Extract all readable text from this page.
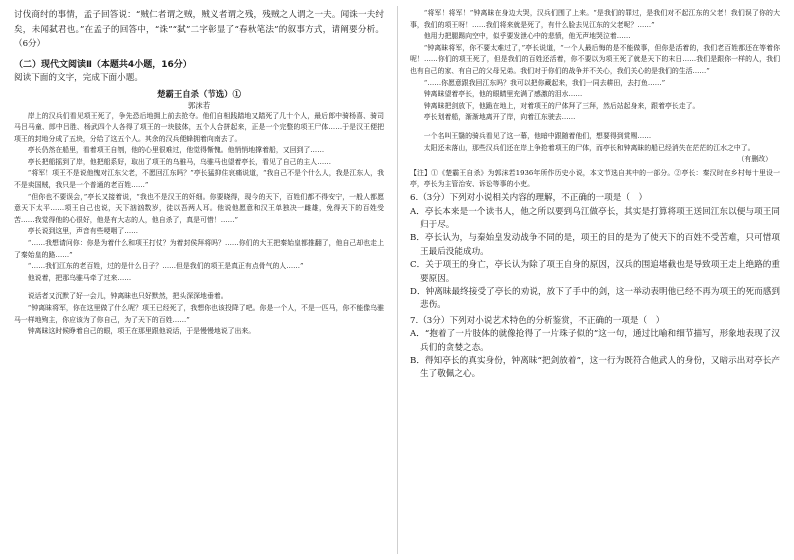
讨伐商纣的事情，孟子回答说：“贼仁者谓之贼，贼义者谓之残，残贼之人谓之一夫。闻诛一夫纣矣，未闻弑君也。”在孟子的回答中，“诛”“弑”二字彰显了“春秋笔法”的叙事方式，请阐要分析。（6分）

（二）现代文阅读Ⅱ（本题共4小题，16分）

阅读下面的文字，完成下面小题。

楚霸王自杀（节选）①

郭沫若

岸上的汉兵们看见项王死了，争先恐后地拥上前去抢夺。他们自相践踏地又踏死了几十个人，最后郎中骑杨喜、骑司马吕马童、郎中吕胜、杨武四个人各得了项王的一块肢体，五个人合拼起来，正是一个完整的项王尸体……于是汉王便把项王的封地分成了五块，分给了这五个人。其余的汉兵便蜂拥着向南去了。

亭长仍然在船里，看着项王自刎，他的心里很难过，他觉得惭愧。他悄悄地撑着船，又回到了……

亭长把船摇到了岸，他把船系好，取出了项王的乌骓马，乌骓马也望着亭长，看见了自己的主人……

“将军！项王不是说他愧对江东父老，不愿回江东吗？”亭长猛抑住哀痛说道，“我自己不是个什么人，我是江东人，我不是卖国贼，我只是一个普通的老百姓……”

“但你也不要误会，”亭长又接着说，“我也不是汉王的奸细。你要晓得，现今的天下，百姓们都不得安宁，一般人都愿意天下太平……项王自己也说，天下汹汹数岁，徒以吾两人耳。他说他愿意和汉王单独决一雌雄，免得天下的百姓受苦……我觉得他的心很好，他是有大志的人，他自杀了，真是可惜！……”

亭长说到这里，声音有些哽咽了……

“……我想请问你：你是为着什么和项王打仗？为着封侯拜将吗？……你们的大王把秦始皇都推翻了，他自己却也走上了秦始皇的路……”

“……我们江东的老百姓，过的是什么日子？……但是我们的项王是真正有点骨气的人……”

他说着，把那乌骓马牵了过来……

说话者又沉默了好一会儿，钟离昧也只好默然，把头深深地垂着。

“钟离昧将军，你在这里做了什么呢？项王已经死了，我想你也该投降了吧。你是一个人，不是一匹马，你不能像乌骓马一样地殉主，你应该为了你自己，为了天下的百姓……”

钟离昧这时候睁着自己的眼，项王在那里跟他说话，于是慢慢地说了出来。

“将军！将军！”钟离昧在身边大哭，汉兵们围了上来。“是我们的罪过，是我们对不起江东的父老！我们误了你的大事，我们的项王呀！……我们将来就是死了，有什么脸去见江东的父老呢？……”

他用力把腿踢向空中，似乎要发泄心中的悲愤，他无声地哭泣着……

“钟离昧将军，你不要太难过了，”亭长说道，“一个人最后悔的是不能做事，但你是活着的，我们老百姓都还在等着你呢！……你们的项王死了，但是我们的百姓还活着，你不要以为项王死了就是天下的末日……我们是跟你一样的人，我们也有自己的家、有自己的父母兄弟。我们对于你们的战争并不关心，我们关心的是我们的生活……”

“……你愿意跟我回江东吗？我可以把你藏起来，我们一同去耕田，去打鱼……”

钟离昧望着亭长，他的眼睛里充满了感激的泪水……

钟离昧把剑放下，他跪在地上，对着项王的尸体拜了三拜，然后站起身来，跟着亭长走了。

亭长划着船，渐渐地离开了岸，向着江东驶去……

一个名叫王翳的骑兵看见了这一幕，他暗中跟随着他们，想要得到赏赐……

太阳还未落山，那些汉兵们还在岸上争抢着项王的尸体，而亭长和钟离昧的船已经消失在茫茫的江水之中了。

（有删改）

【注】①《楚霸王自杀》为郭沫若1936年所作历史小说，本文节选自其中的一部分。②亭长：秦汉时在乡村每十里设一亭，亭长为主管治安、诉讼等事的小吏。

6.（3分）下列对小说相关内容的理解，不正确的一项是（　）

A．亭长本来是一个读书人，他之所以要到乌江做亭长，其实是打算将项王送回江东以便与项王同归于尽。

B．亭长认为，与秦始皇发动战争不同的是，项王的目的是为了使天下的百姓不受苦难，只可惜项王最后没能成功。

C．关于项王的身亡，亭长认为除了项王自身的原因，汉兵的围追堵截也是导致项王走上绝路的重要原因。

D．钟离昧最终接受了亭长的劝说，放下了手中的剑，这一举动表明他已经不再为项王的死而感到悲伤。

7.（3分）下列对小说艺术特色的分析鉴赏，不正确的一项是（　）

A．“抱着了一片肢体的就像抢得了一片珠子似的”这一句，通过比喻和细节描写，形象地表现了汉兵们的贪婪之态。

B．得知亭长的真实身份，钟离昧“把剑放着”，这一行为既符合他武人的身份，又暗示出对亭长产生了敬佩之心。
